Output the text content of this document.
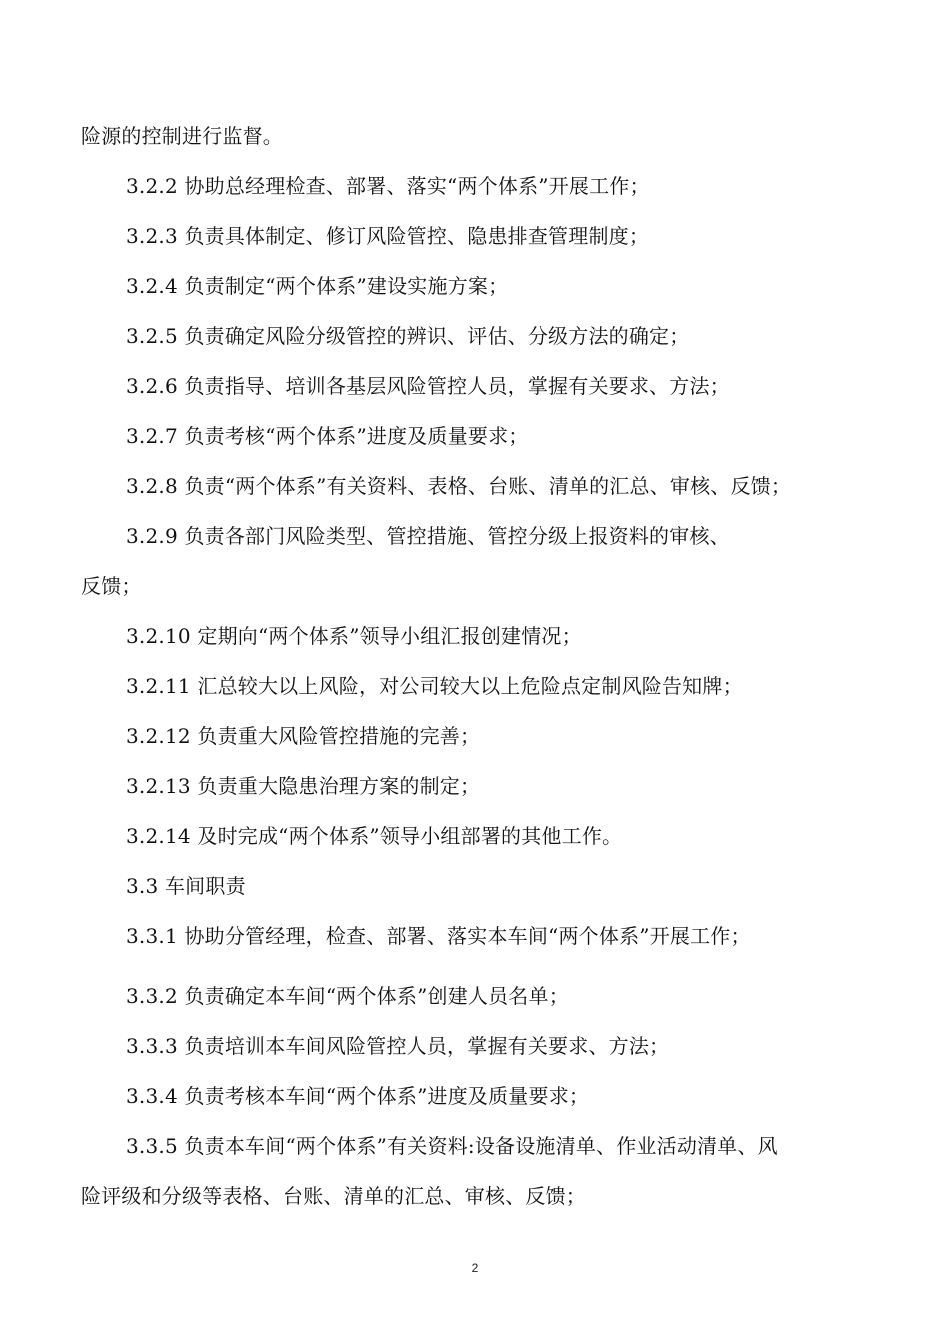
险源的控制进行监督。
3.2.2 协助总经理检查、部署、落实“两个体系”开展工作；
3.2.3 负责具体制定、修订风险管控、隐患排查管理制度；
3.2.4 负责制定“两个体系”建设实施方案；
3.2.5 负责确定风险分级管控的辨识、评估、分级方法的确定；
3.2.6 负责指导、培训各基层风险管控人员，掌握有关要求、方法；
3.2.7 负责考核“两个体系”进度及质量要求；
3.2.8 负责“两个体系”有关资料、表格、台账、清单的汇总、审核、反馈；
3.2.9 负责各部门风险类型、管控措施、管控分级上报资料的审核、
反馈；
3.2.10 定期向“两个体系”领导小组汇报创建情况；
3.2.11 汇总较大以上风险，对公司较大以上危险点定制风险告知牌；
3.2.12 负责重大风险管控措施的完善；
3.2.13 负责重大隐患治理方案的制定；
3.2.14 及时完成“两个体系”领导小组部署的其他工作。
3.3 车间职责
3.3.1 协助分管经理，检查、部署、落实本车间“两个体系”开展工作；
3.3.2 负责确定本车间“两个体系”创建人员名单；
3.3.3 负责培训本车间风险管控人员，掌握有关要求、方法；
3.3.4 负责考核本车间“两个体系”进度及质量要求；
3.3.5 负责本车间“两个体系”有关资料:设备设施清单、作业活动清单、风
险评级和分级等表格、台账、清单的汇总、审核、反馈；
2
